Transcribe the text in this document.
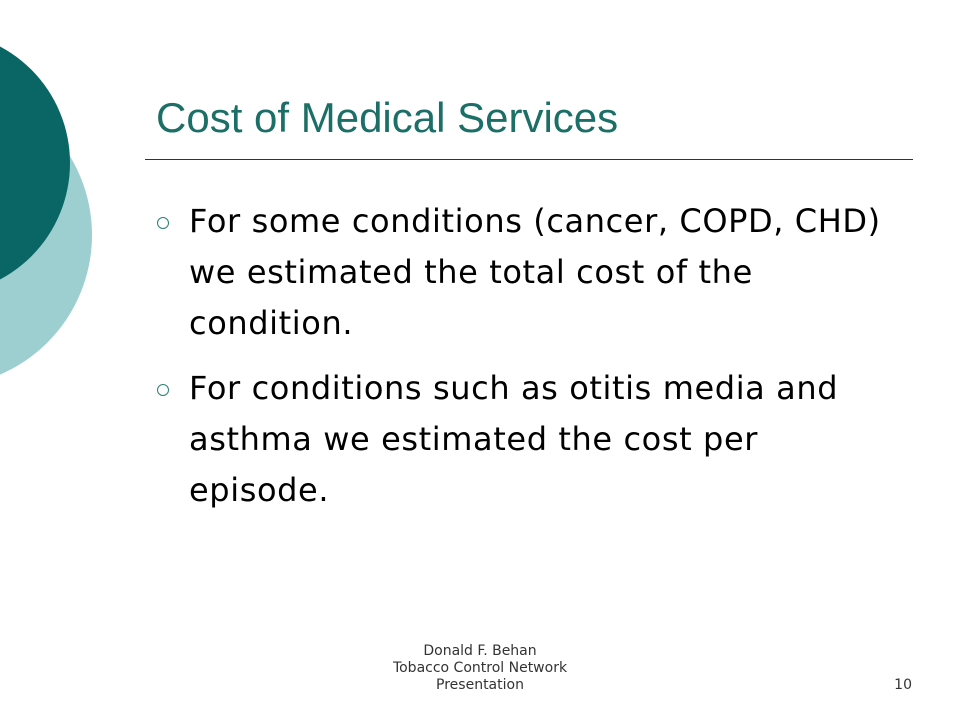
Cost of Medical Services
For some conditions (cancer, COPD, CHD) we estimated the total cost of the condition.
For conditions such as otitis media and asthma we estimated the cost per episode.
Donald F. Behan
Tobacco Control Network
Presentation	10
